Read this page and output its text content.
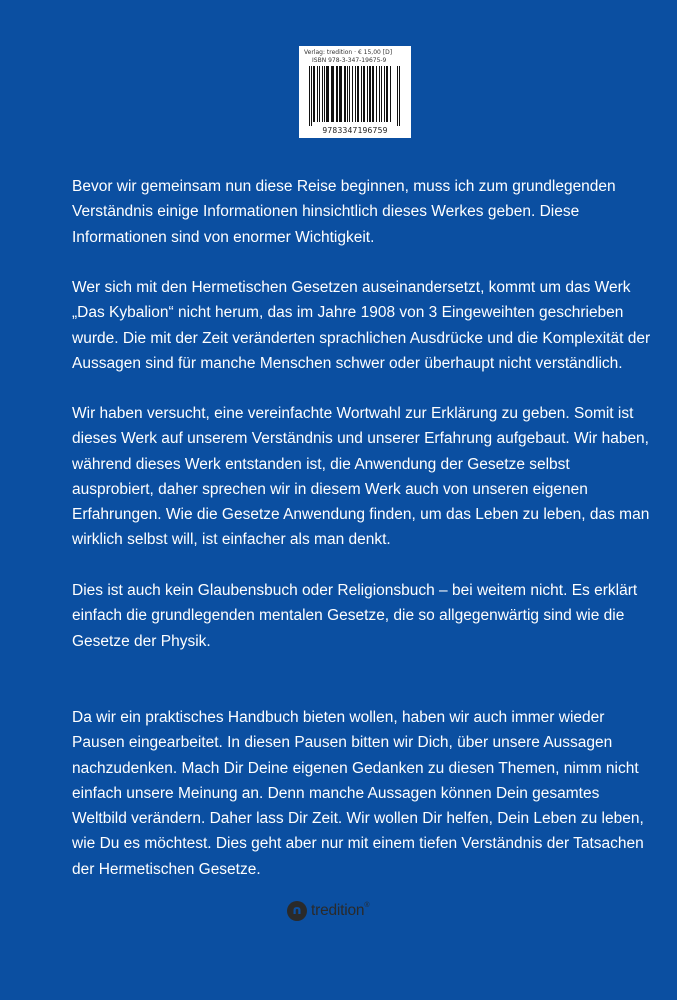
Verlag: tredition · € 15,00 [D]
ISBN 978-3-347-19675-9
9783347196759

Bevor wir gemeinsam nun diese Reise beginnen, muss ich zum grundlegenden Verständnis einige Informationen hinsichtlich dieses Werkes geben. Diese Informationen sind von enormer Wichtigkeit.

Wer sich mit den Hermetischen Gesetzen auseinandersetzt, kommt um das Werk „Das Kybalion“ nicht herum, das im Jahre 1908 von 3 Eingeweihten geschrieben wurde. Die mit der Zeit veränderten sprachlichen Ausdrücke und die Komplexität der Aussagen sind für manche Menschen schwer oder überhaupt nicht verständlich.

Wir haben versucht, eine vereinfachte Wortwahl zur Erklärung zu geben. Somit ist dieses Werk auf unserem Verständnis und unserer Erfahrung aufgebaut. Wir haben, während dieses Werk entstanden ist, die Anwendung der Gesetze selbst ausprobiert, daher sprechen wir in diesem Werk auch von unseren eigenen Erfahrungen. Wie die Gesetze Anwendung finden, um das Leben zu leben, das man wirklich selbst will, ist einfacher als man denkt.

Dies ist auch kein Glaubensbuch oder Religionsbuch – bei weitem nicht. Es erklärt einfach die grundlegenden mentalen Gesetze, die so allgegenwärtig sind wie die Gesetze der Physik.

Da wir ein praktisches Handbuch bieten wollen, haben wir auch immer wieder Pausen eingearbeitet. In diesen Pausen bitten wir Dich, über unsere Aussagen nachzudenken. Mach Dir Deine eigenen Gedanken zu diesen Themen, nimm nicht einfach unsere Meinung an. Denn manche Aussagen können Dein gesamtes Weltbild verändern. Daher lass Dir Zeit. Wir wollen Dir helfen, Dein Leben zu leben, wie Du es möchtest. Dies geht aber nur mit einem tiefen Verständnis der Tatsachen der Hermetischen Gesetze.

tredition®
